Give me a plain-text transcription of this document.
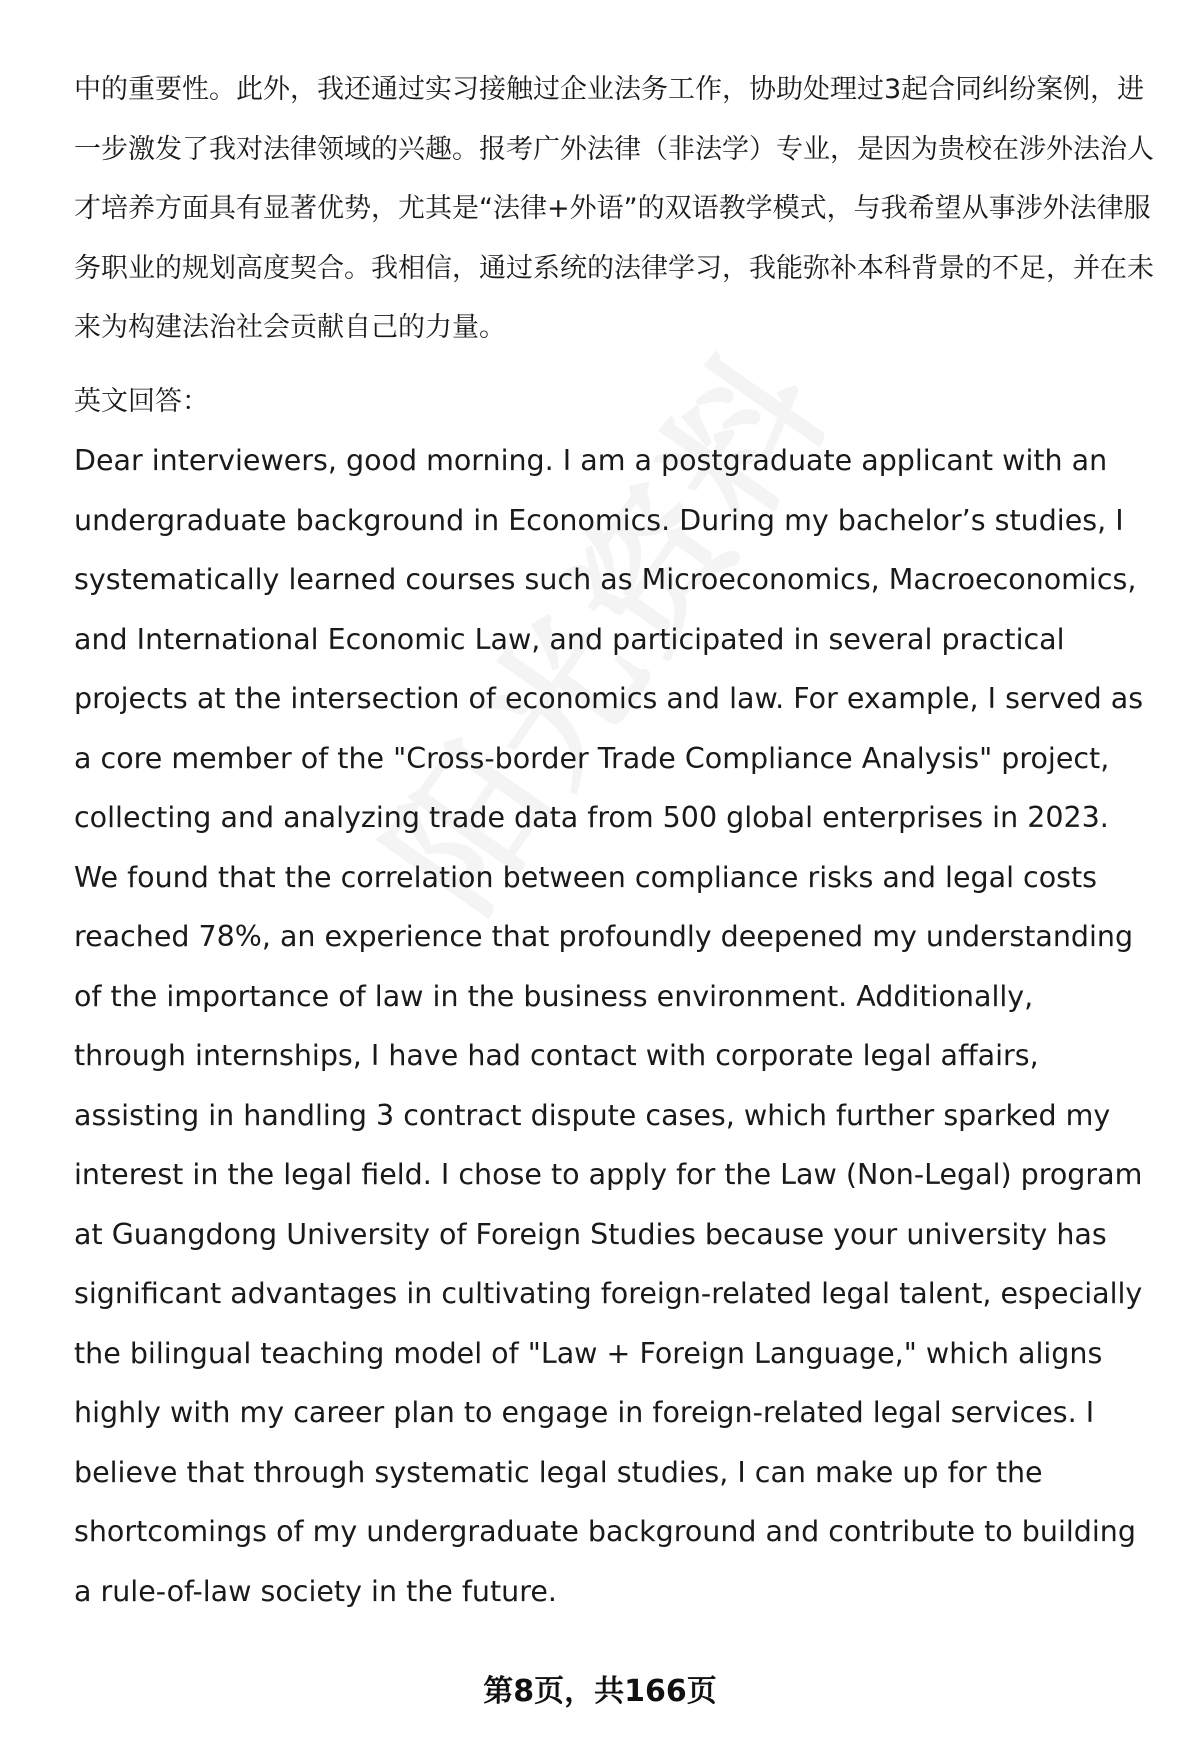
中的重要性。此外，我还通过实习接触过企业法务工作，协助处理过3起合同纠纷案例，进一步激发了我对法律领域的兴趣。报考广外法律（非法学）专业，是因为贵校在涉外法治人才培养方面具有显著优势，尤其是“法律+外语”的双语教学模式，与我希望从事涉外法律服务职业的规划高度契合。我相信，通过系统的法律学习，我能弥补本科背景的不足，并在未来为构建法治社会贡献自己的力量。

英文回答：

Dear interviewers, good morning. I am a postgraduate applicant with an undergraduate background in Economics. During my bachelor’s studies, I systematically learned courses such as Microeconomics, Macroeconomics, and International Economic Law, and participated in several practical projects at the intersection of economics and law. For example, I served as a core member of the "Cross-border Trade Compliance Analysis" project, collecting and analyzing trade data from 500 global enterprises in 2023. We found that the correlation between compliance risks and legal costs reached 78%, an experience that profoundly deepened my understanding of the importance of law in the business environment. Additionally, through internships, I have had contact with corporate legal affairs, assisting in handling 3 contract dispute cases, which further sparked my interest in the legal field. I chose to apply for the Law (Non-Legal) program at Guangdong University of Foreign Studies because your university has significant advantages in cultivating foreign-related legal talent, especially the bilingual teaching model of "Law + Foreign Language," which aligns highly with my career plan to engage in foreign-related legal services. I believe that through systematic legal studies, I can make up for the shortcomings of my undergraduate background and contribute to building a rule-of-law society in the future.

第8页，共166页
